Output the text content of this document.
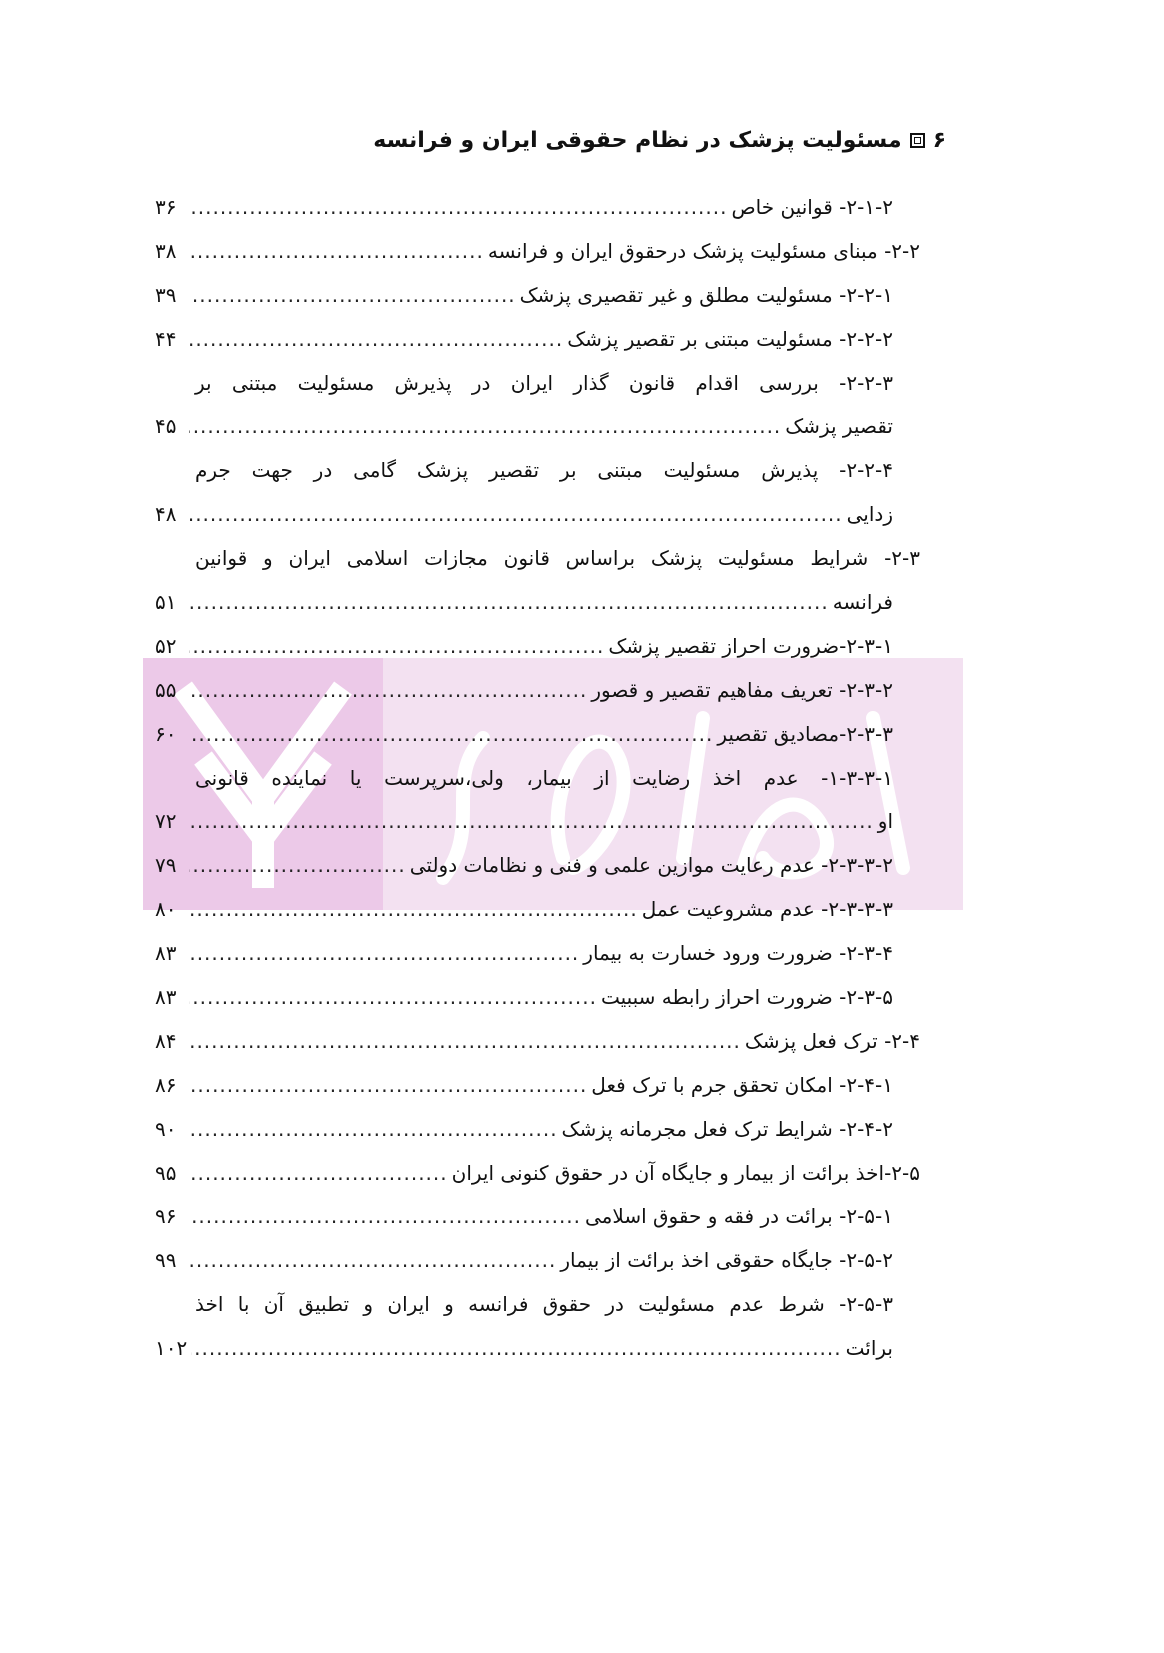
۶
مسئولیت پزشک در نظام حقوقی ایران و فرانسه
۲-۱-۲- قوانین خاص
.....
۳۶
۲-۲- مبنای مسئولیت پزشک درحقوق ایران و فرانسه
.....
۳۸
۲-۲-۱- مسئولیت مطلق و غیر تقصیری پزشک
.....
۳۹
۲-۲-۲- مسئولیت مبتنی بر تقصیر پزشک
.....
۴۴
۲-۲-۳- بررسی اقدام قانون گذار ایران در پذیرش مسئولیت مبتنی بر
تقصیر پزشک
.....
۴۵
۲-۲-۴- پذیرش مسئولیت مبتنی بر تقصیر پزشک گامی در جهت جرم
زدایی
.....
۴۸
۲-۳- شرایط مسئولیت پزشک براساس قانون مجازات اسلامی ایران و قوانین
فرانسه
.....
۵۱
۲-۳-۱-ضرورت احراز تقصیر پزشک
.....
۵۲
۲-۳-۲- تعریف مفاهیم تقصیر و قصور
.....
۵۵
۲-۳-۳-مصادیق تقصیر
.....
۶۰
۱-۳-۳-۱- عدم اخذ رضایت از بیمار، ولی،سرپرست یا نماینده قانونی
او
.....
۷۲
۲-۳-۳-۲- عدم رعایت موازین علمی و فنی و نظامات دولتی
.....
۷۹
۲-۳-۳-۳- عدم مشروعیت عمل
.....
۸۰
۲-۳-۴- ضرورت ورود خسارت به بیمار
.....
۸۳
۲-۳-۵- ضرورت احراز رابطه سببیت
.....
۸۳
۲-۴- ترک فعل پزشک
.....
۸۴
۲-۴-۱- امکان تحقق جرم با ترک فعل
.....
۸۶
۲-۴-۲- شرایط ترک فعل مجرمانه پزشک
.....
۹۰
۲-۵-اخذ برائت از بیمار و جایگاه آن در حقوق کنونی ایران
.....
۹۵
۲-۵-۱- برائت در فقه و حقوق اسلامی
.....
۹۶
۲-۵-۲- جایگاه حقوقی اخذ برائت از بیمار
.....
۹۹
۲-۵-۳- شرط عدم مسئولیت در حقوق فرانسه و ایران و تطبیق آن با اخذ
برائت
.....
۱۰۲
